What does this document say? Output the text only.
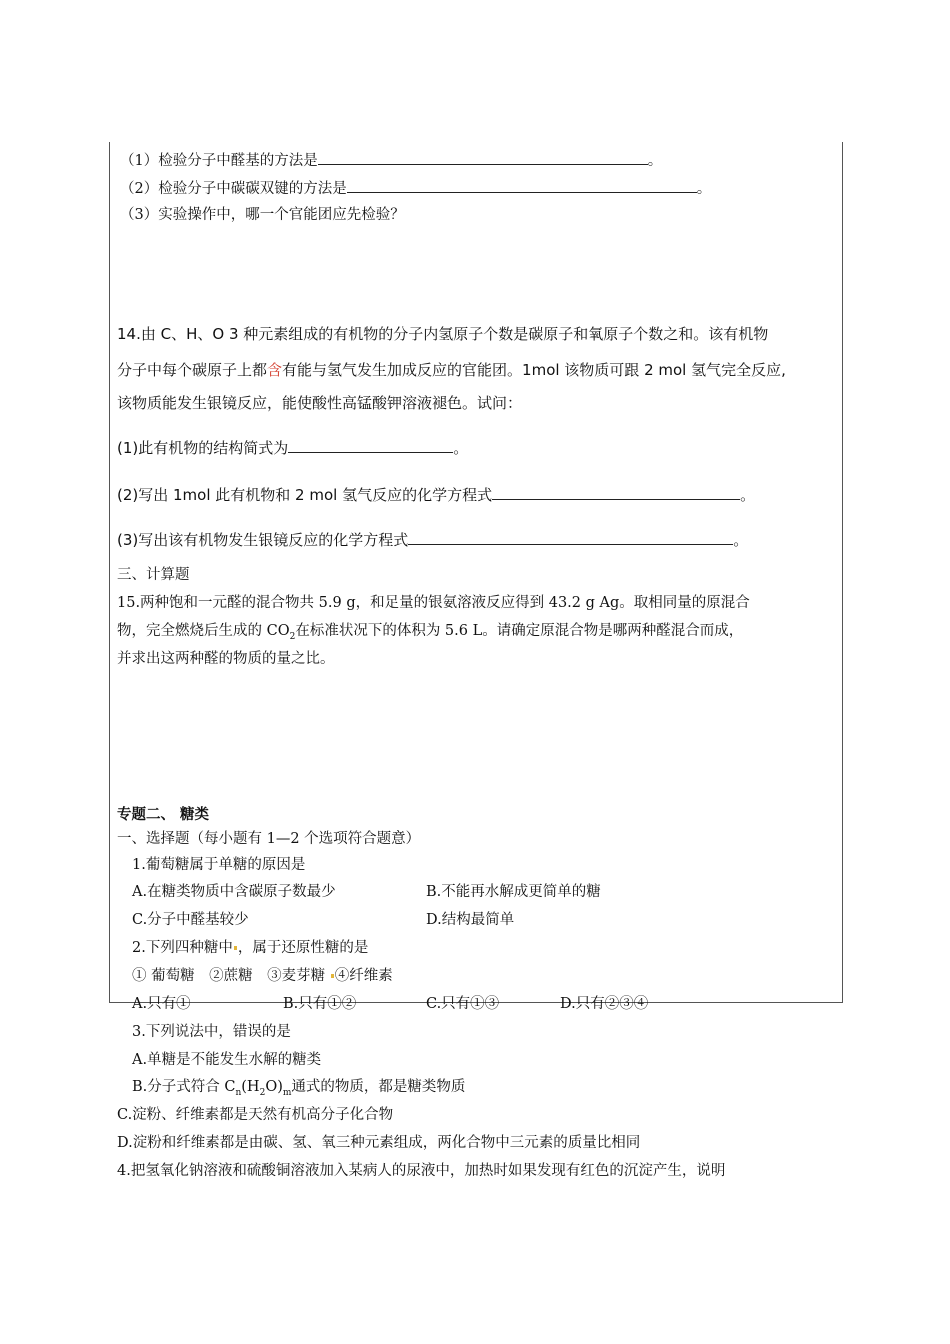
（1）检验分子中醛基的方法是	。
（2）检验分子中碳碳双键的方法是	。
（3）实验操作中，哪一个官能团应先检验？
14.由 C、H、O 3 种元素组成的有机物的分子内氢原子个数是碳原子和氧原子个数之和。该有机物
分子中每个碳原子上都含有能与氢气发生加成反应的官能团。1mol 该物质可跟 2 mol 氢气完全反应,
该物质能发生银镜反应，能使酸性高锰酸钾溶液褪色。试问：
(1)此有机物的结构简式为	。
(2)写出 1mol 此有机物和 2 mol 氢气反应的化学方程式	。
(3)写出该有机物发生银镜反应的化学方程式	。
三、计算题
15.两种饱和一元醛的混合物共 5.9 g，和足量的银氨溶液反应得到 43.2 g Ag。取相同量的原混合
物，完全燃烧后生成的 $CO_2$在标准状况下的体积为 5.6 L。请确定原混合物是哪两种醛混合而成，
并求出这两种醛的物质的量之比。
专题二、 糖类
一、选择题（每小题有 1—2 个选项符合题意）
1.葡萄糖属于单糖的原因是
A.在糖类物质中含碳原子数最少	B.不能再水解成更简单的糖
C.分子中醛基较少	D.结构最简单
2.下列四种糖中 ，属于还原性糖的是
① 葡萄糖　②蔗糖　③麦芽糖 ④纤维素
A.只有①	B.只有①②	C.只有①③	D.只有②③④
3.下列说法中，错误的是
A.单糖是不能发生水解的糖类
B.分子式符合 $C_n(H_2O)_m$通式的物质，都是糖类物质
C.淀粉、纤维素都是天然有机高分子化合物
D.淀粉和纤维素都是由碳、氢、氧三种元素组成，两化合物中三元素的质量比相同
4.把氢氧化钠溶液和硫酸铜溶液加入某病人的尿液中，加热时如果发现有红色的沉淀产生，说明
